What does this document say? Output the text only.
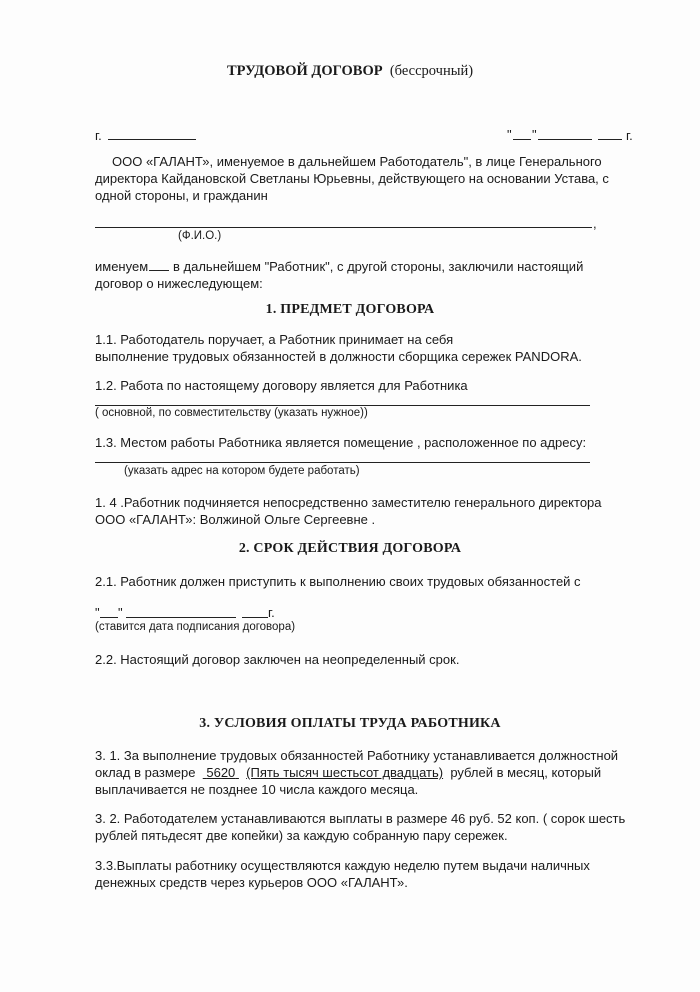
ТРУДОВОЙ ДОГОВОР (бессрочный)
г.	" "	г.
ООО «ГАЛАНТ», именуемое в дальнейшем Работодатель", в лице Генерального
директора Кайдановской Светланы Юрьевны, действующего на основании Устава, с
одной стороны, и гражданин
,
(Ф.И.О.)
именуем в дальнейшем "Работник", с другой стороны, заключили настоящий
договор о нижеследующем:
1. ПРЕДМЕТ ДОГОВОРА
1.1. Работодатель поручает, а Работник принимает на себя
выполнение трудовых обязанностей в должности сборщика сережек PANDORA.
1.2. Работа по настоящему договору является для Работника
( основной, по совместительству (указать нужное))
1.3. Местом работы Работника является помещение , расположенное по адресу:
(указать адрес на котором будете работать)
1. 4 .Работник подчиняется непосредственно заместителю генерального директора
ООО «ГАЛАНТ»: Волжиной Ольге Сергеевне .
2. СРОК ДЕЙСТВИЯ ДОГОВОРА
2.1. Работник должен приступить к выполнению своих трудовых обязанностей с
" "	г.
(ставится дата подписания договора)
2.2. Настоящий договор заключен на неопределенный срок.
3. УСЛОВИЯ ОПЛАТЫ ТРУДА РАБОТНИКА
3. 1. За выполнение трудовых обязанностей Работнику устанавливается должностной
оклад в размере 5620 (Пять тысяч шестьсот двадцать) рублей в месяц, который
выплачивается не позднее 10 числа каждого месяца.
3. 2. Работодателем устанавливаются выплаты в размере 46 руб. 52 коп. ( сорок шесть
рублей пятьдесят две копейки) за каждую собранную пару сережек.
3.3.Выплаты работнику осуществляются каждую неделю путем выдачи наличных
денежных средств через курьеров ООО «ГАЛАНТ».
